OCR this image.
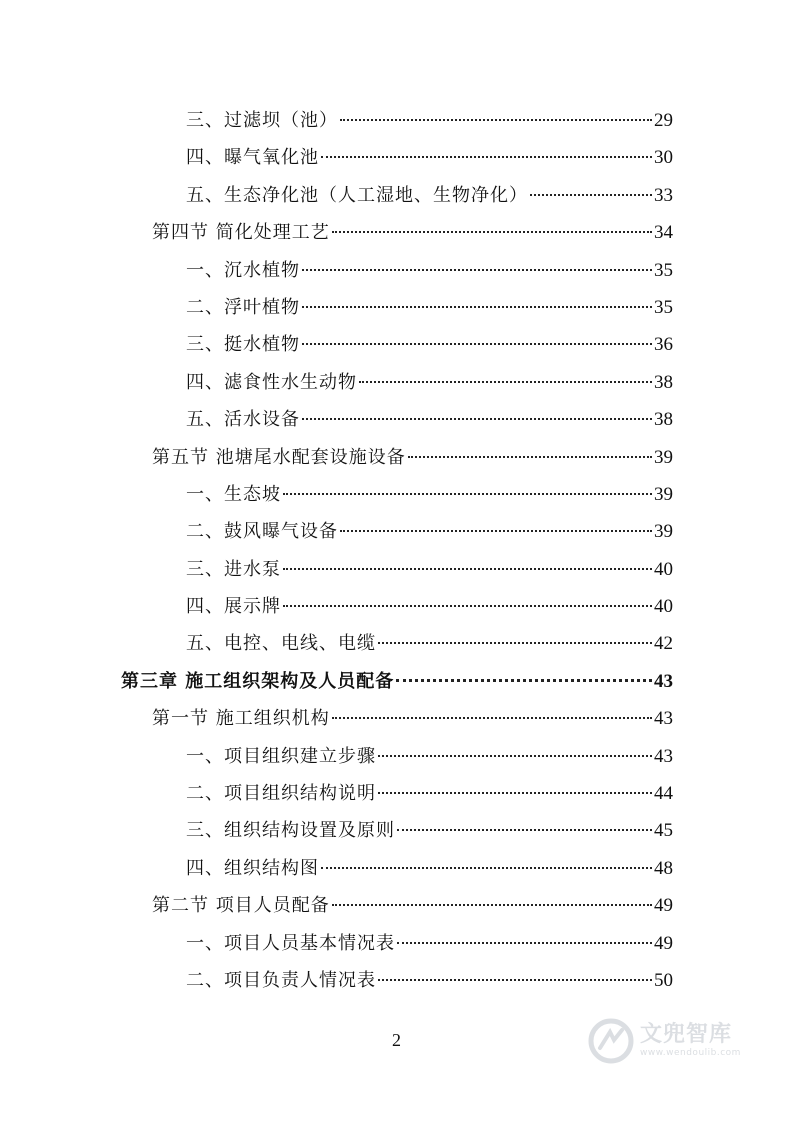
三、过滤坝（池）	29
四、曝气氧化池	30
五、生态净化池（人工湿地、生物净化）	33
第四节 简化处理工艺	34
一、沉水植物	35
二、浮叶植物	35
三、挺水植物	36
四、滤食性水生动物	38
五、活水设备	38
第五节 池塘尾水配套设施设备	39
一、生态坡	39
二、鼓风曝气设备	39
三、进水泵	40
四、展示牌	40
五、电控、电线、电缆	42
第三章 施工组织架构及人员配备	43
第一节 施工组织机构	43
一、项目组织建立步骤	43
二、项目组织结构说明	44
三、组织结构设置及原则	45
四、组织结构图	48
第二节 项目人员配备	49
一、项目人员基本情况表	49
二、项目负责人情况表	50
2	文兜智库
www.wendoulib.com
